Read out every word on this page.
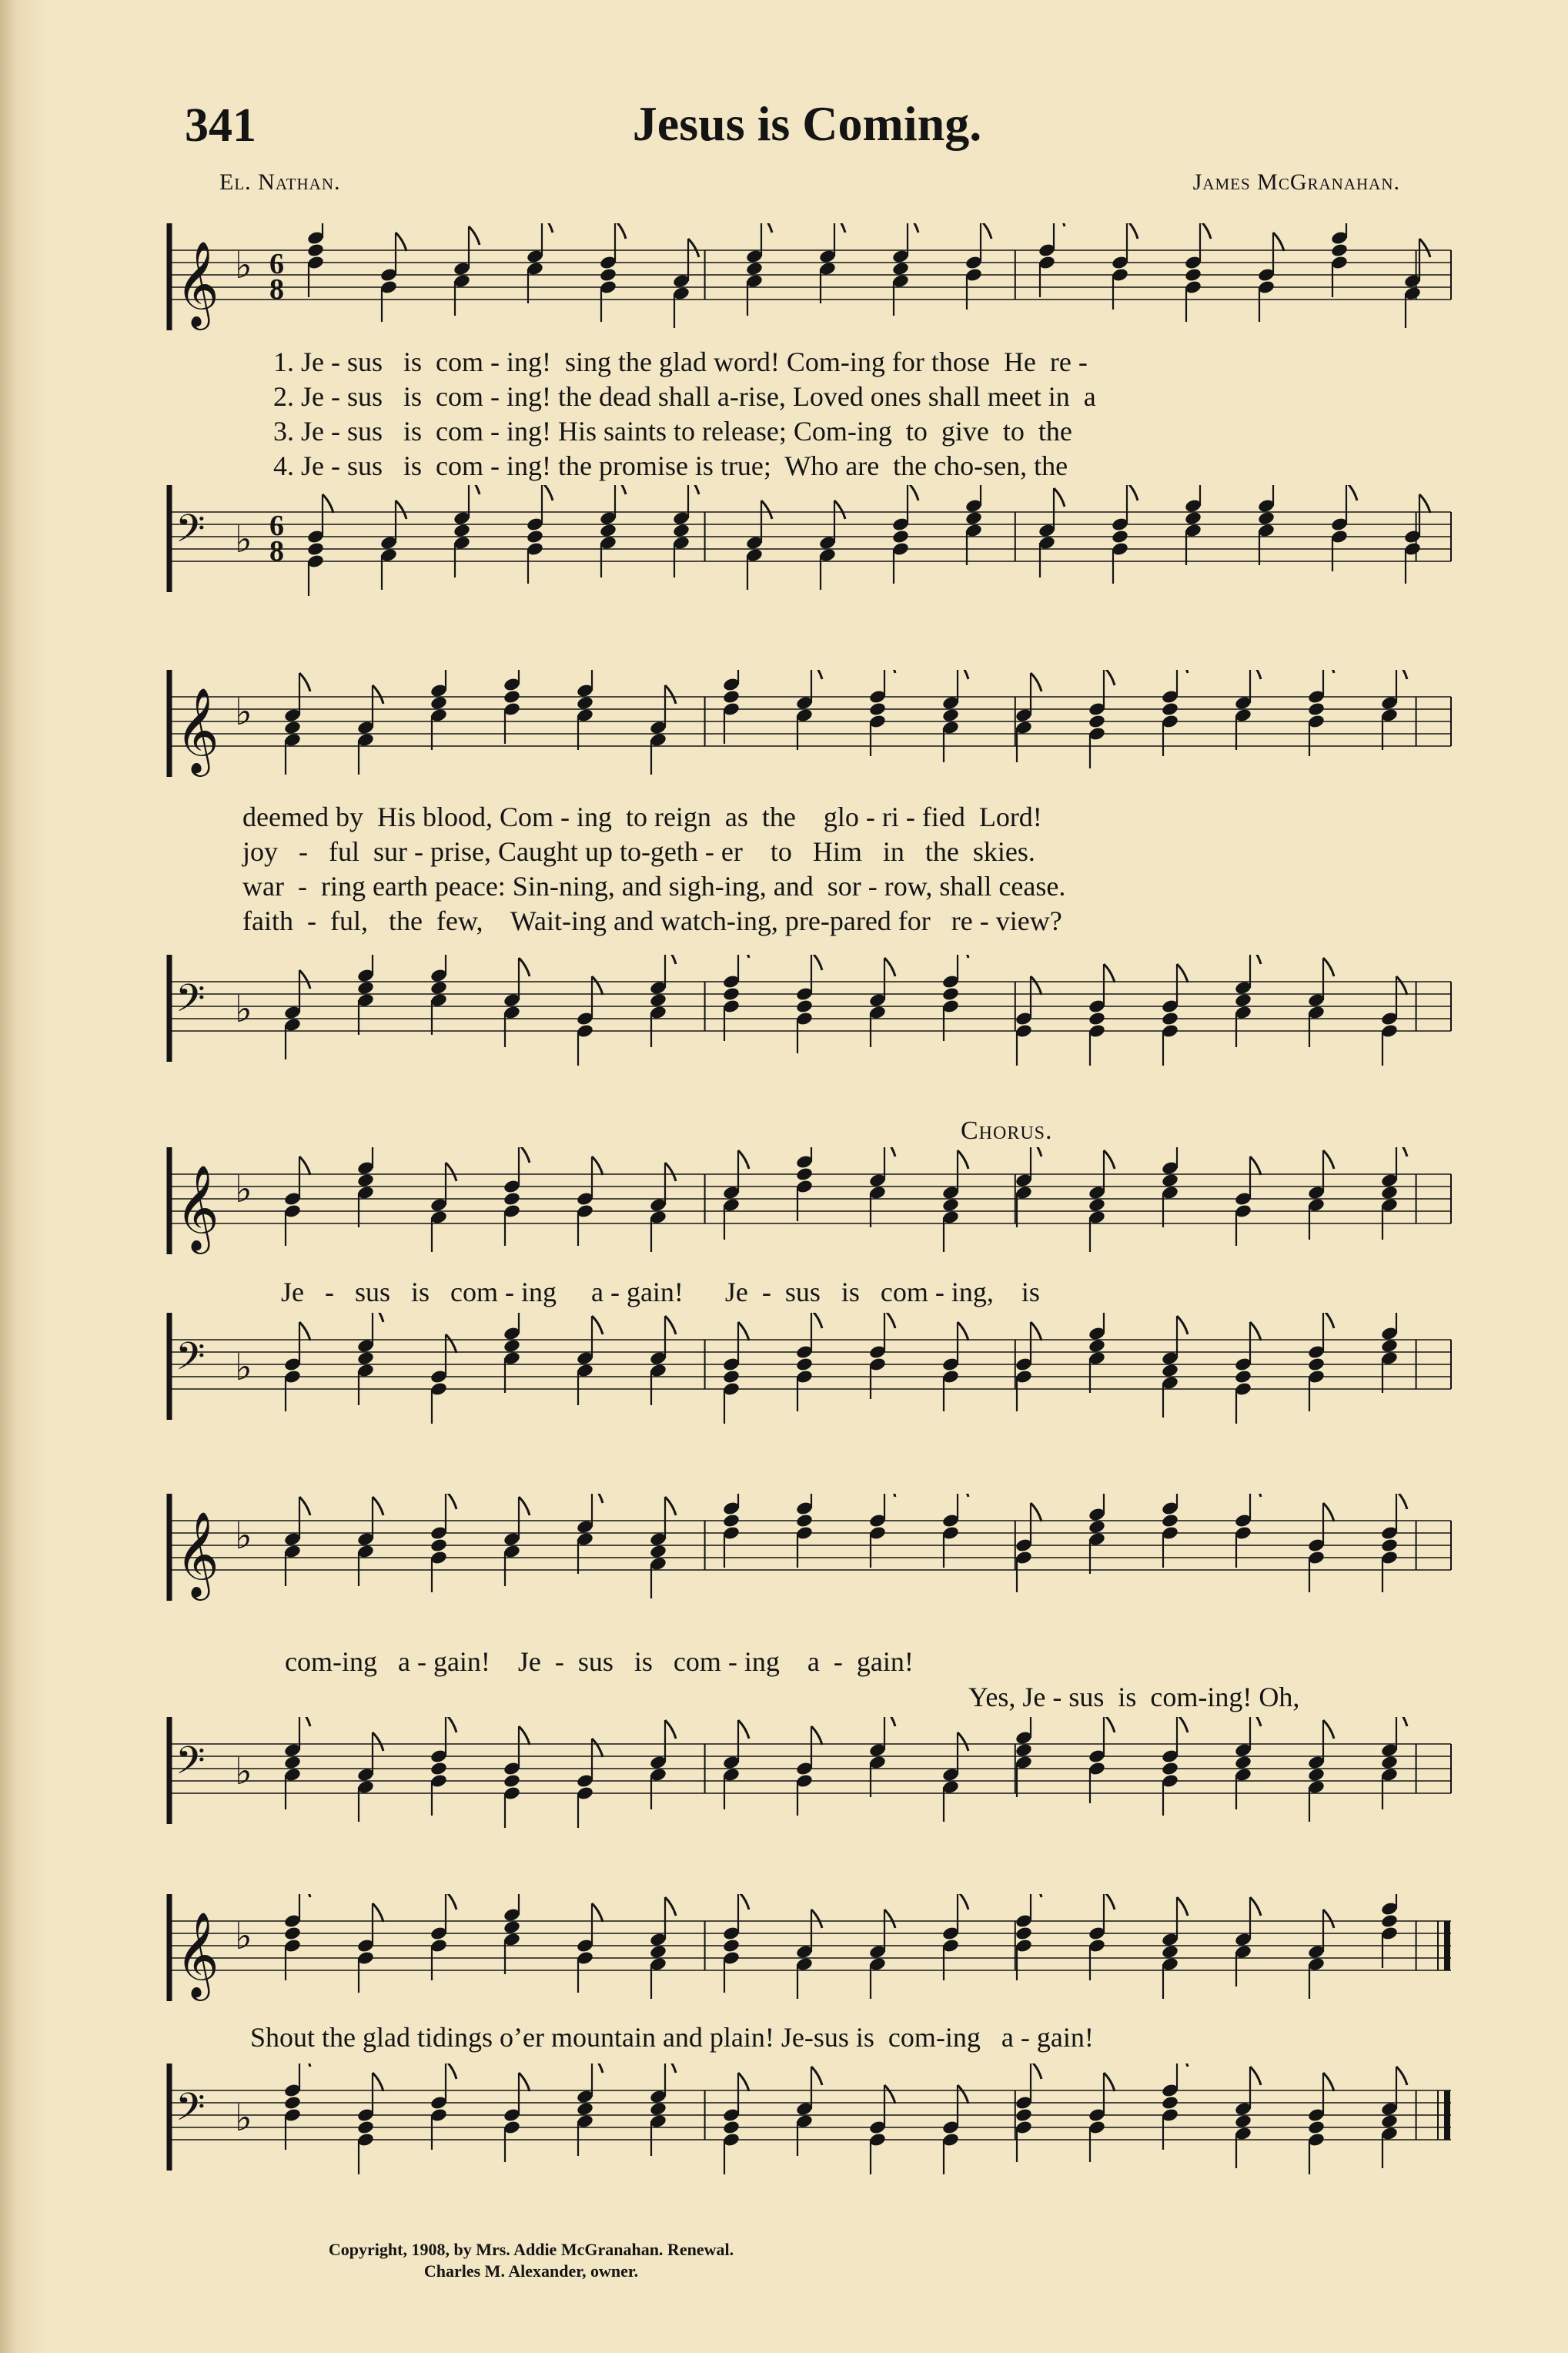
341	Jesus is Coming.
El. Nathan.	James McGranahan.
𝄞 ♭ 6
8
1. Je - sus   is  com - ing!  sing the glad word! Com-ing for those  He  re -
2. Je - sus   is  com - ing! the dead shall a-rise, Loved ones shall meet in  a
3. Je - sus   is  com - ing! His saints to release; Com-ing  to  give  to  the
4. Je - sus   is  com - ing! the promise is true;  Who are  the cho-sen, the
𝄢 ♭ 6
8
𝄞 ♭
deemed by  His blood, Com - ing  to reign  as  the    glo - ri - fied  Lord!
joy   -   ful  sur - prise, Caught up to-geth - er    to   Him   in   the  skies.
war  -  ring earth peace: Sin-ning, and sigh-ing, and  sor - row, shall cease.
faith  -  ful,   the  few,    Wait-ing and watch-ing, pre-pared for   re - view?
𝄢 ♭
Chorus.
𝄞 ♭
Je   -   sus   is   com - ing     a - gain!      Je  -  sus   is   com - ing,    is
𝄢 ♭
𝄞 ♭
com-ing   a - gain!    Je  -  sus   is   com - ing    a  -  gain!
Yes, Je - sus  is  com-ing! Oh,
𝄢 ♭
𝄞 ♭
Shout the glad tidings o’er mountain and plain! Je-sus is  com-ing   a - gain!
𝄢 ♭
Copyright, 1908, by Mrs. Addie McGranahan. Renewal.
Charles M. Alexander, owner.
